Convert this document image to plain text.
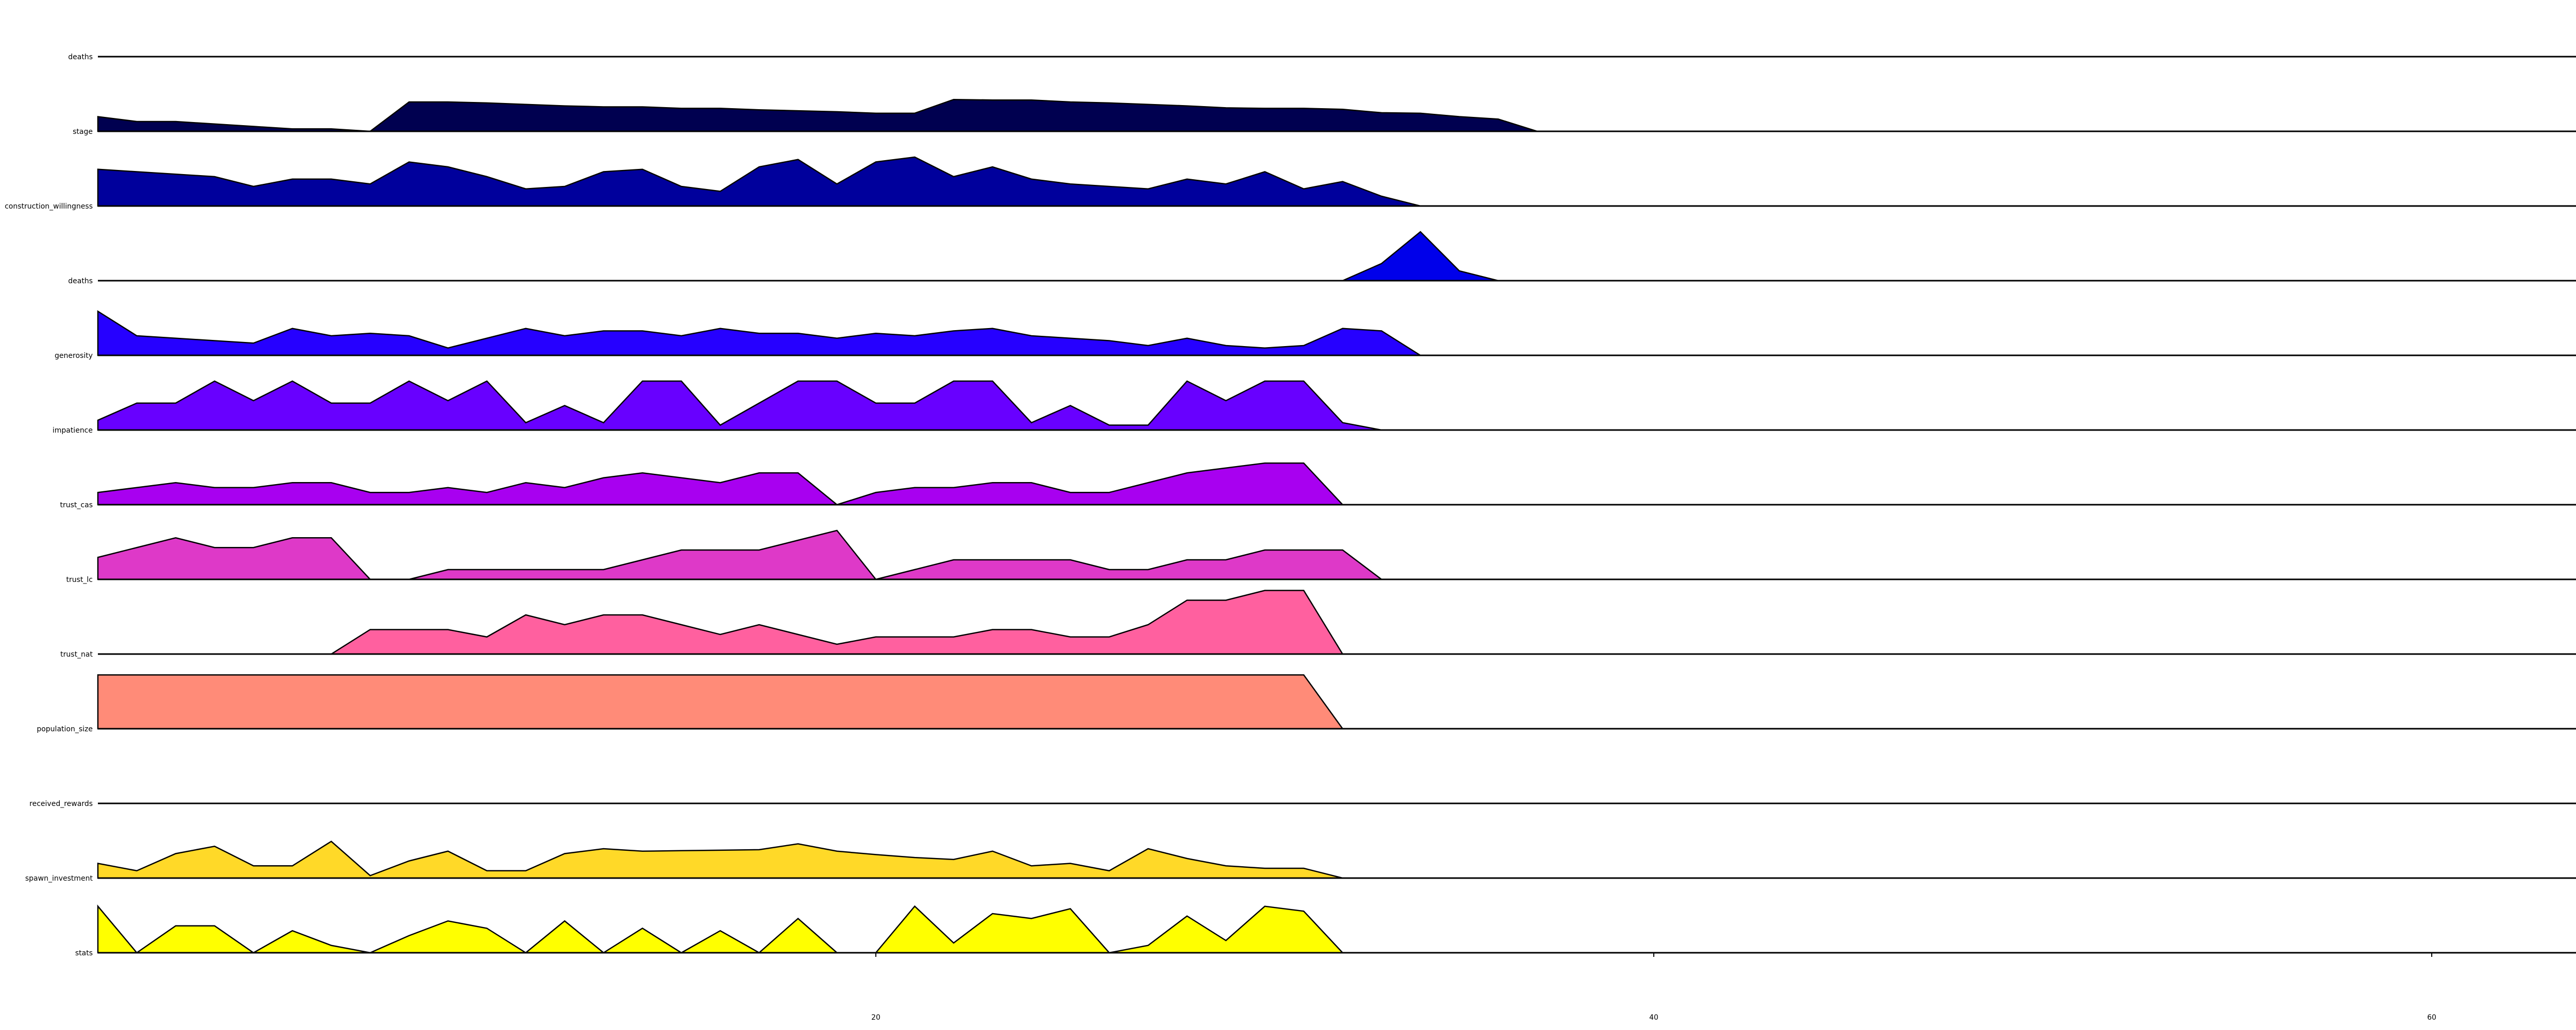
deaths
stage
construction_willingness
deaths
generosity
impatience
trust_cas
trust_lc
trust_nat
population_size
received_rewards
spawn_investment
stats
20	40	60
